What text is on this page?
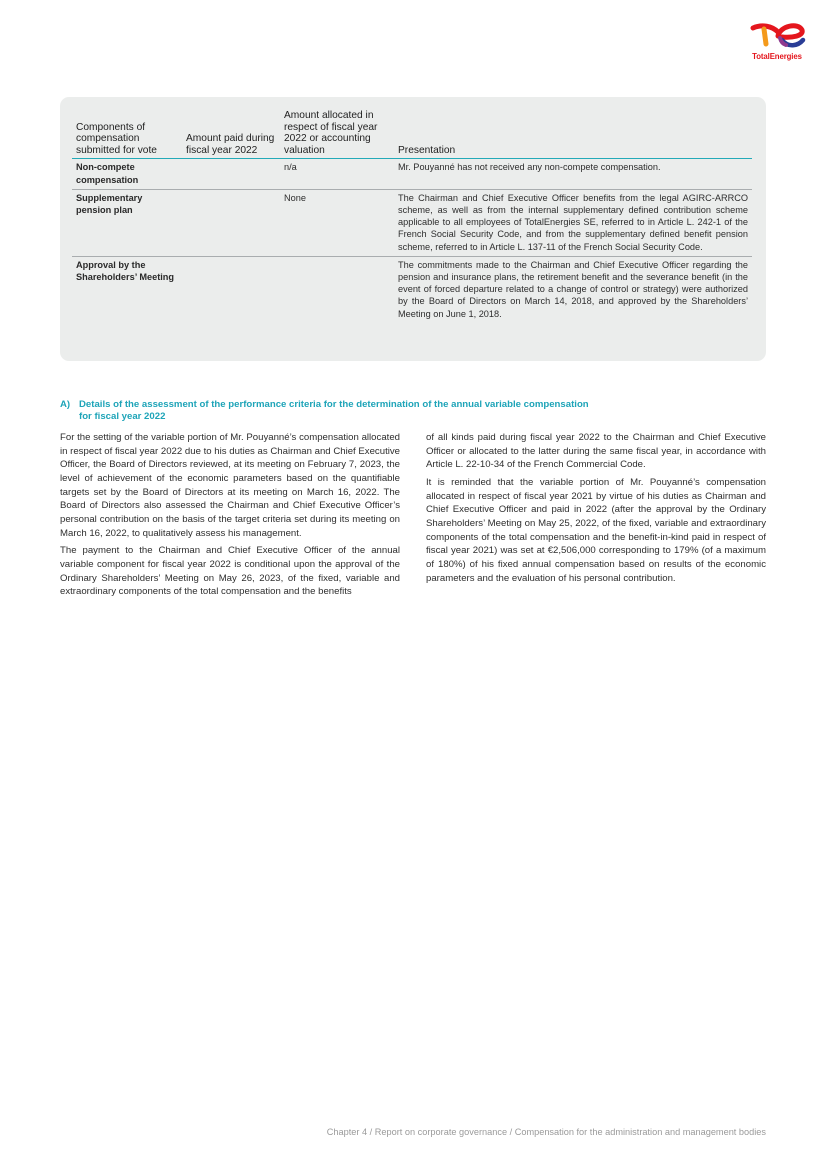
TotalEnergies
Components of compensation submitted for vote	Amount paid during fiscal year 2022	Amount allocated in respect of fiscal year 2022 or accounting valuation	Presentation
Non-compete compensation		n/a	Mr. Pouyanné has not received any non-compete compensation.
Supplementary pension plan		None	The Chairman and Chief Executive Officer benefits from the legal AGIRC-ARRCO scheme, as well as from the internal supplementary defined contribution scheme applicable to all employees of TotalEnergies SE, referred to in Article L. 242-1 of the French Social Security Code, and from the supplementary defined benefit pension scheme, referred to in Article L. 137-11 of the French Social Security Code.
Approval by the Shareholders’ Meeting			The commitments made to the Chairman and Chief Executive Officer regarding the pension and insurance plans, the retirement benefit and the severance benefit (in the event of forced departure related to a change of control or strategy) were authorized by the Board of Directors on March 14, 2018, and approved by the Shareholders’ Meeting on June 1, 2018.
A) Details of the assessment of the performance criteria for the determination of the annual variable compensation
for fiscal year 2022

For the setting of the variable portion of Mr. Pouyanné’s compensation allocated in respect of fiscal year 2022 due to his duties as Chairman and Chief Executive Officer, the Board of Directors reviewed, at its meeting on February 7, 2023, the level of achievement of the economic parameters based on the quantifiable targets set by the Board of Directors at its meeting on March 16, 2022. The Board of Directors also assessed the Chairman and Chief Executive Officer’s personal contribution on the basis of the target criteria set during its meeting on March 16, 2022, to qualitatively assess his management.

The payment to the Chairman and Chief Executive Officer of the annual variable component for fiscal year 2022 is conditional upon the approval of the Ordinary Shareholders’ Meeting on May 26, 2023, of the fixed, variable and extraordinary components of the total compensation and the benefits

of all kinds paid during fiscal year 2022 to the Chairman and Chief Executive Officer or allocated to the latter during the same fiscal year, in accordance with Article L. 22-10-34 of the French Commercial Code.

It is reminded that the variable portion of Mr. Pouyanné’s compensation allocated in respect of fiscal year 2021 by virtue of his duties as Chairman and Chief Executive Officer and paid in 2022 (after the approval by the Ordinary Shareholders’ Meeting on May 25, 2022, of the fixed, variable and extraordinary components of the total compensation and the benefit-in-kind paid in respect of fiscal year 2021) was set at €2,506,000 corresponding to 179% (of a maximum of 180%) of his fixed annual compensation based on results of the economic parameters and the evaluation of his personal contribution.

Chapter 4 / Report on corporate governance / Compensation for the administration and management bodies
